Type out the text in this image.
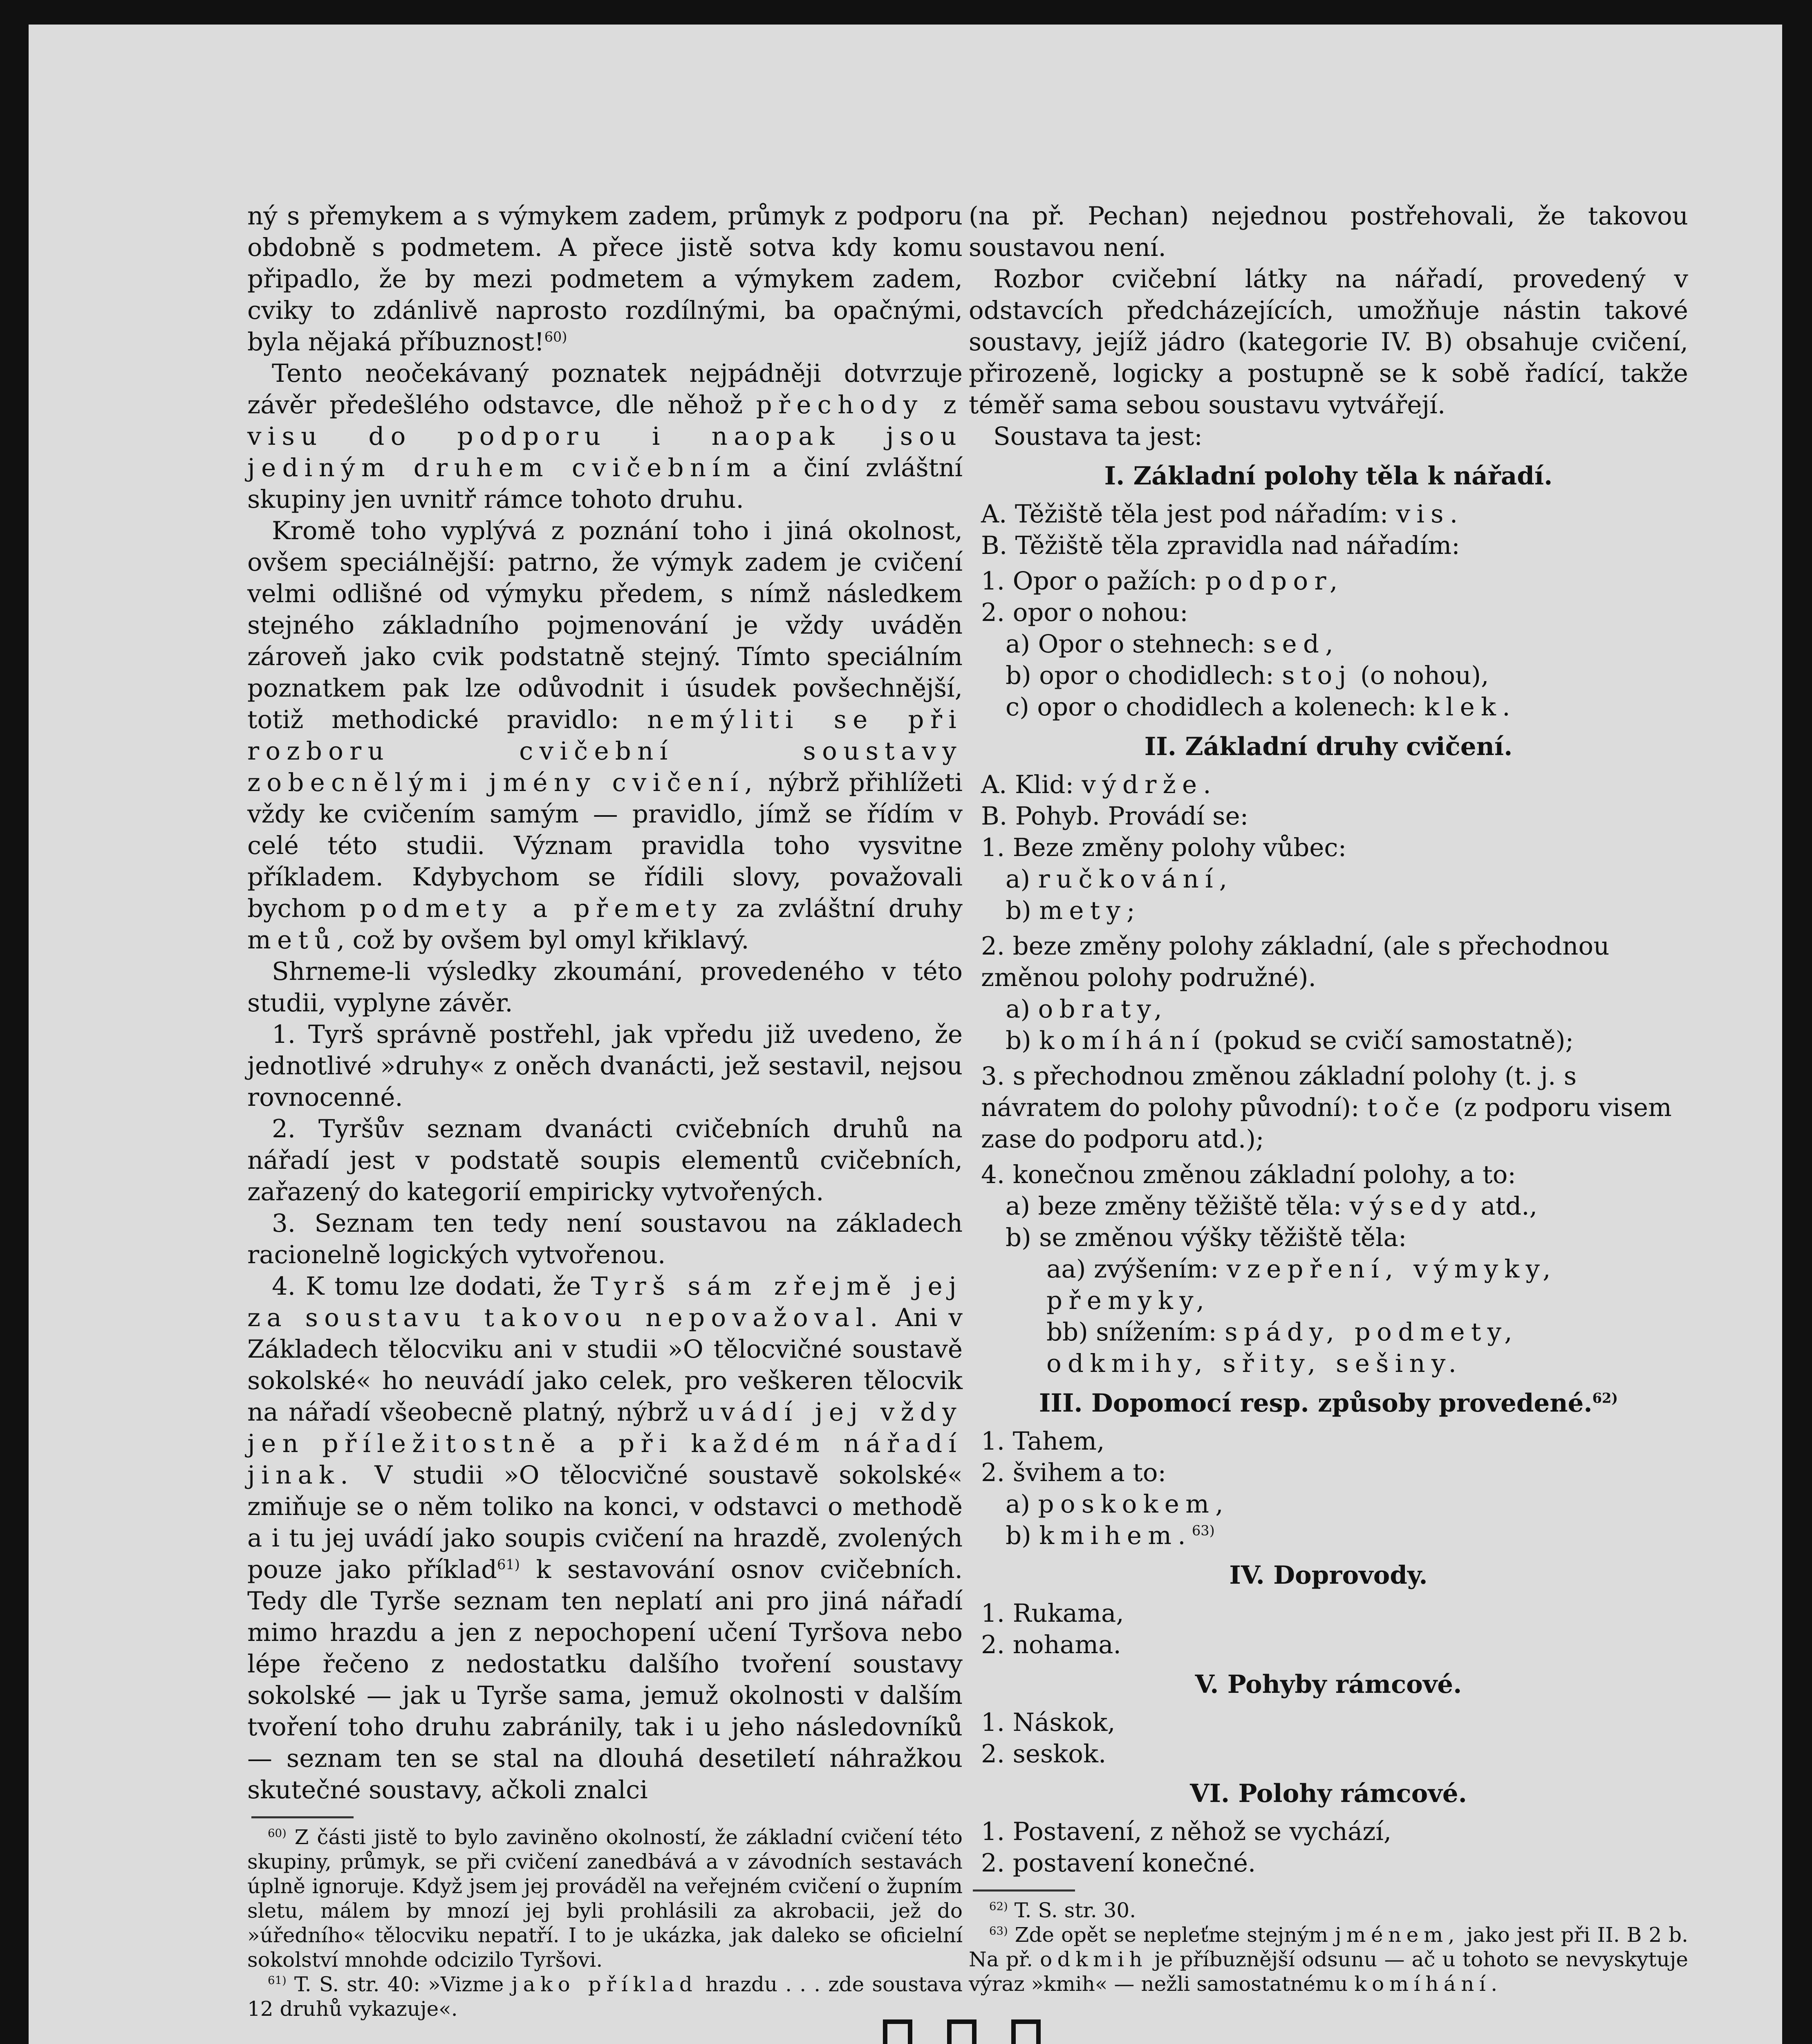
ný s přemykem a s výmykem zadem, průmyk z podporu obdobně s podmetem. A přece jistě sotva kdy komu připadlo, že by mezi podmetem a výmykem zadem, cviky to zdánlivě naprosto rozdílnými, ba opačnými, byla nějaká příbuznost!$^{60)}$

Tento neočekávaný poznatek nejpádněji dotvrzuje závěr předešlého odstavce, dle něhož přechody z visu do podporu i naopak jsou jediným druhem cvičebním a činí zvláštní skupiny jen uvnitř rámce tohoto druhu.

Kromě toho vyplývá z poznání toho i jiná okolnost, ovšem speciálnější: patrno, že výmyk zadem je cvičení velmi odlišné od výmyku předem, s nímž následkem stejného základního pojmenování je vždy uváděn zároveň jako cvik podstatně stejný. Tímto speciálním poznatkem pak lze odůvodnit i úsudek povšechnější, totiž methodické pravidlo: nemýliti se při rozboru cvičební soustavy zobecnělými jmény cvičení, nýbrž přihlížeti vždy ke cvičením samým — pravidlo, jímž se řídím v celé této studii. Význam pravidla toho vysvitne příkladem. Kdybychom se řídili slovy, považovali bychom podmety a přemety za zvláštní druhy metů, což by ovšem byl omyl křiklavý.

Shrneme-li výsledky zkoumání, provedeného v této studii, vyplyne závěr.

1. Tyrš správně postřehl, jak vpředu již uvedeno, že jednotlivé »druhy« z oněch dvanácti, jež sestavil, nejsou rovnocenné.

2. Tyršův seznam dvanácti cvičebních druhů na nářadí jest v podstatě soupis elementů cvičebních, zařazený do kategorií empiricky vytvořených.

3. Seznam ten tedy není soustavou na základech racionelně logických vytvořenou.

4. K tomu lze dodati, že Tyrš sám zřejmě jej za soustavu takovou nepovažoval. Ani v Základech tělocviku ani v studii »O tělocvičné soustavě sokolské« ho neuvádí jako celek, pro veškeren tělocvik na nářadí všeobecně platný, nýbrž uvádí jej vždy jen příležitostně a při každém nářadí jinak. V studii »O tělocvičné soustavě sokolské« zmiňuje se o něm toliko na konci, v odstavci o methodě a i tu jej uvádí jako soupis cvičení na hrazdě, zvolených pouze jako příklad$^{61)}$ k sestavování osnov cvičebních. Tedy dle Tyrše seznam ten neplatí ani pro jiná nářadí mimo hrazdu a jen z nepochopení učení Tyršova nebo lépe řečeno z nedostatku dalšího tvoření soustavy sokolské — jak u Tyrše sama, jemuž okolnosti v dalším tvoření toho druhu zabránily, tak i u jeho následovníků — seznam ten se stal na dlouhá desetiletí náhražkou skutečné soustavy, ačkoli znalci

$^{60)}$ Z části jistě to bylo zaviněno okolností, že základní cvičení této skupiny, průmyk, se při cvičení zanedbává a v závodních sestavách úplně ignoruje. Když jsem jej prováděl na veřejném cvičení o župním sletu, málem by mnozí jej byli prohlásili za akrobacii, jež do »úředního« tělocviku nepatří. I to je ukázka, jak daleko se oficielní sokolství mnohde odcizilo Tyršovi.

$^{61)}$ T. S. str. 40: »Vizme jako příklad hrazdu . . . zde soustava 12 druhů vykazuje«.

(na př. Pechan) nejednou postřehovali, že takovou soustavou není.

Rozbor cvičební látky na nářadí, provedený v odstavcích předcházejících, umožňuje nástin takové soustavy, jejíž jádro (kategorie IV. B) obsahuje cvičení, přirozeně, logicky a postupně se k sobě řadící, takže téměř sama sebou soustavu vytvářejí.

Soustava ta jest:

I. Základní polohy těla k nářadí.
A. Těžiště těla jest pod nářadím: vis.
B. Těžiště těla zpravidla nad nářadím:
1. Opor o pažích: podpor,
2. opor o nohou:
a) Opor o stehnech: sed,
b) opor o chodidlech: stoj (o nohou),
c) opor o chodidlech a kolenech: klek.
II. Základní druhy cvičení.
A. Klid: výdrže.
B. Pohyb. Provádí se:
1. Beze změny polohy vůbec:
a) ručkování,
b) mety;
2. beze změny polohy základní, (ale s přechodnou změnou polohy podružné).
a) obraty,
b) komíhání (pokud se cvičí samostatně);
3. s přechodnou změnou základní polohy (t. j. s návratem do polohy původní): toče (z podporu visem zase do podporu atd.);
4. konečnou změnou základní polohy, a to:
a) beze změny těžiště těla: výsedy atd.,
b) se změnou výšky těžiště těla:
aa) zvýšením: vzepření, výmyky, přemyky,
bb) snížením: spády, podmety, odkmihy, sřity, sešiny.
III. Dopomocí resp. způsoby provedené.$^{62)}$
1. Tahem,
2. švihem a to:
a) poskokem,
b) kmihem.$^{63)}$
IV. Doprovody.
1. Rukama,
2. nohama.
V. Pohyby rámcové.
1. Náskok,
2. seskok.
VI. Polohy rámcové.
1. Postavení, z něhož se vychází,
2. postavení konečné.

$^{62)}$ T. S. str. 30.

$^{63)}$ Zde opět se nepleťme stejným jménem, jako jest při II. B 2 b. Na př. odkmih je příbuznější odsunu — ač u tohoto se nevyskytuje výraz »kmih« — nežli samostatnému komíhání.
